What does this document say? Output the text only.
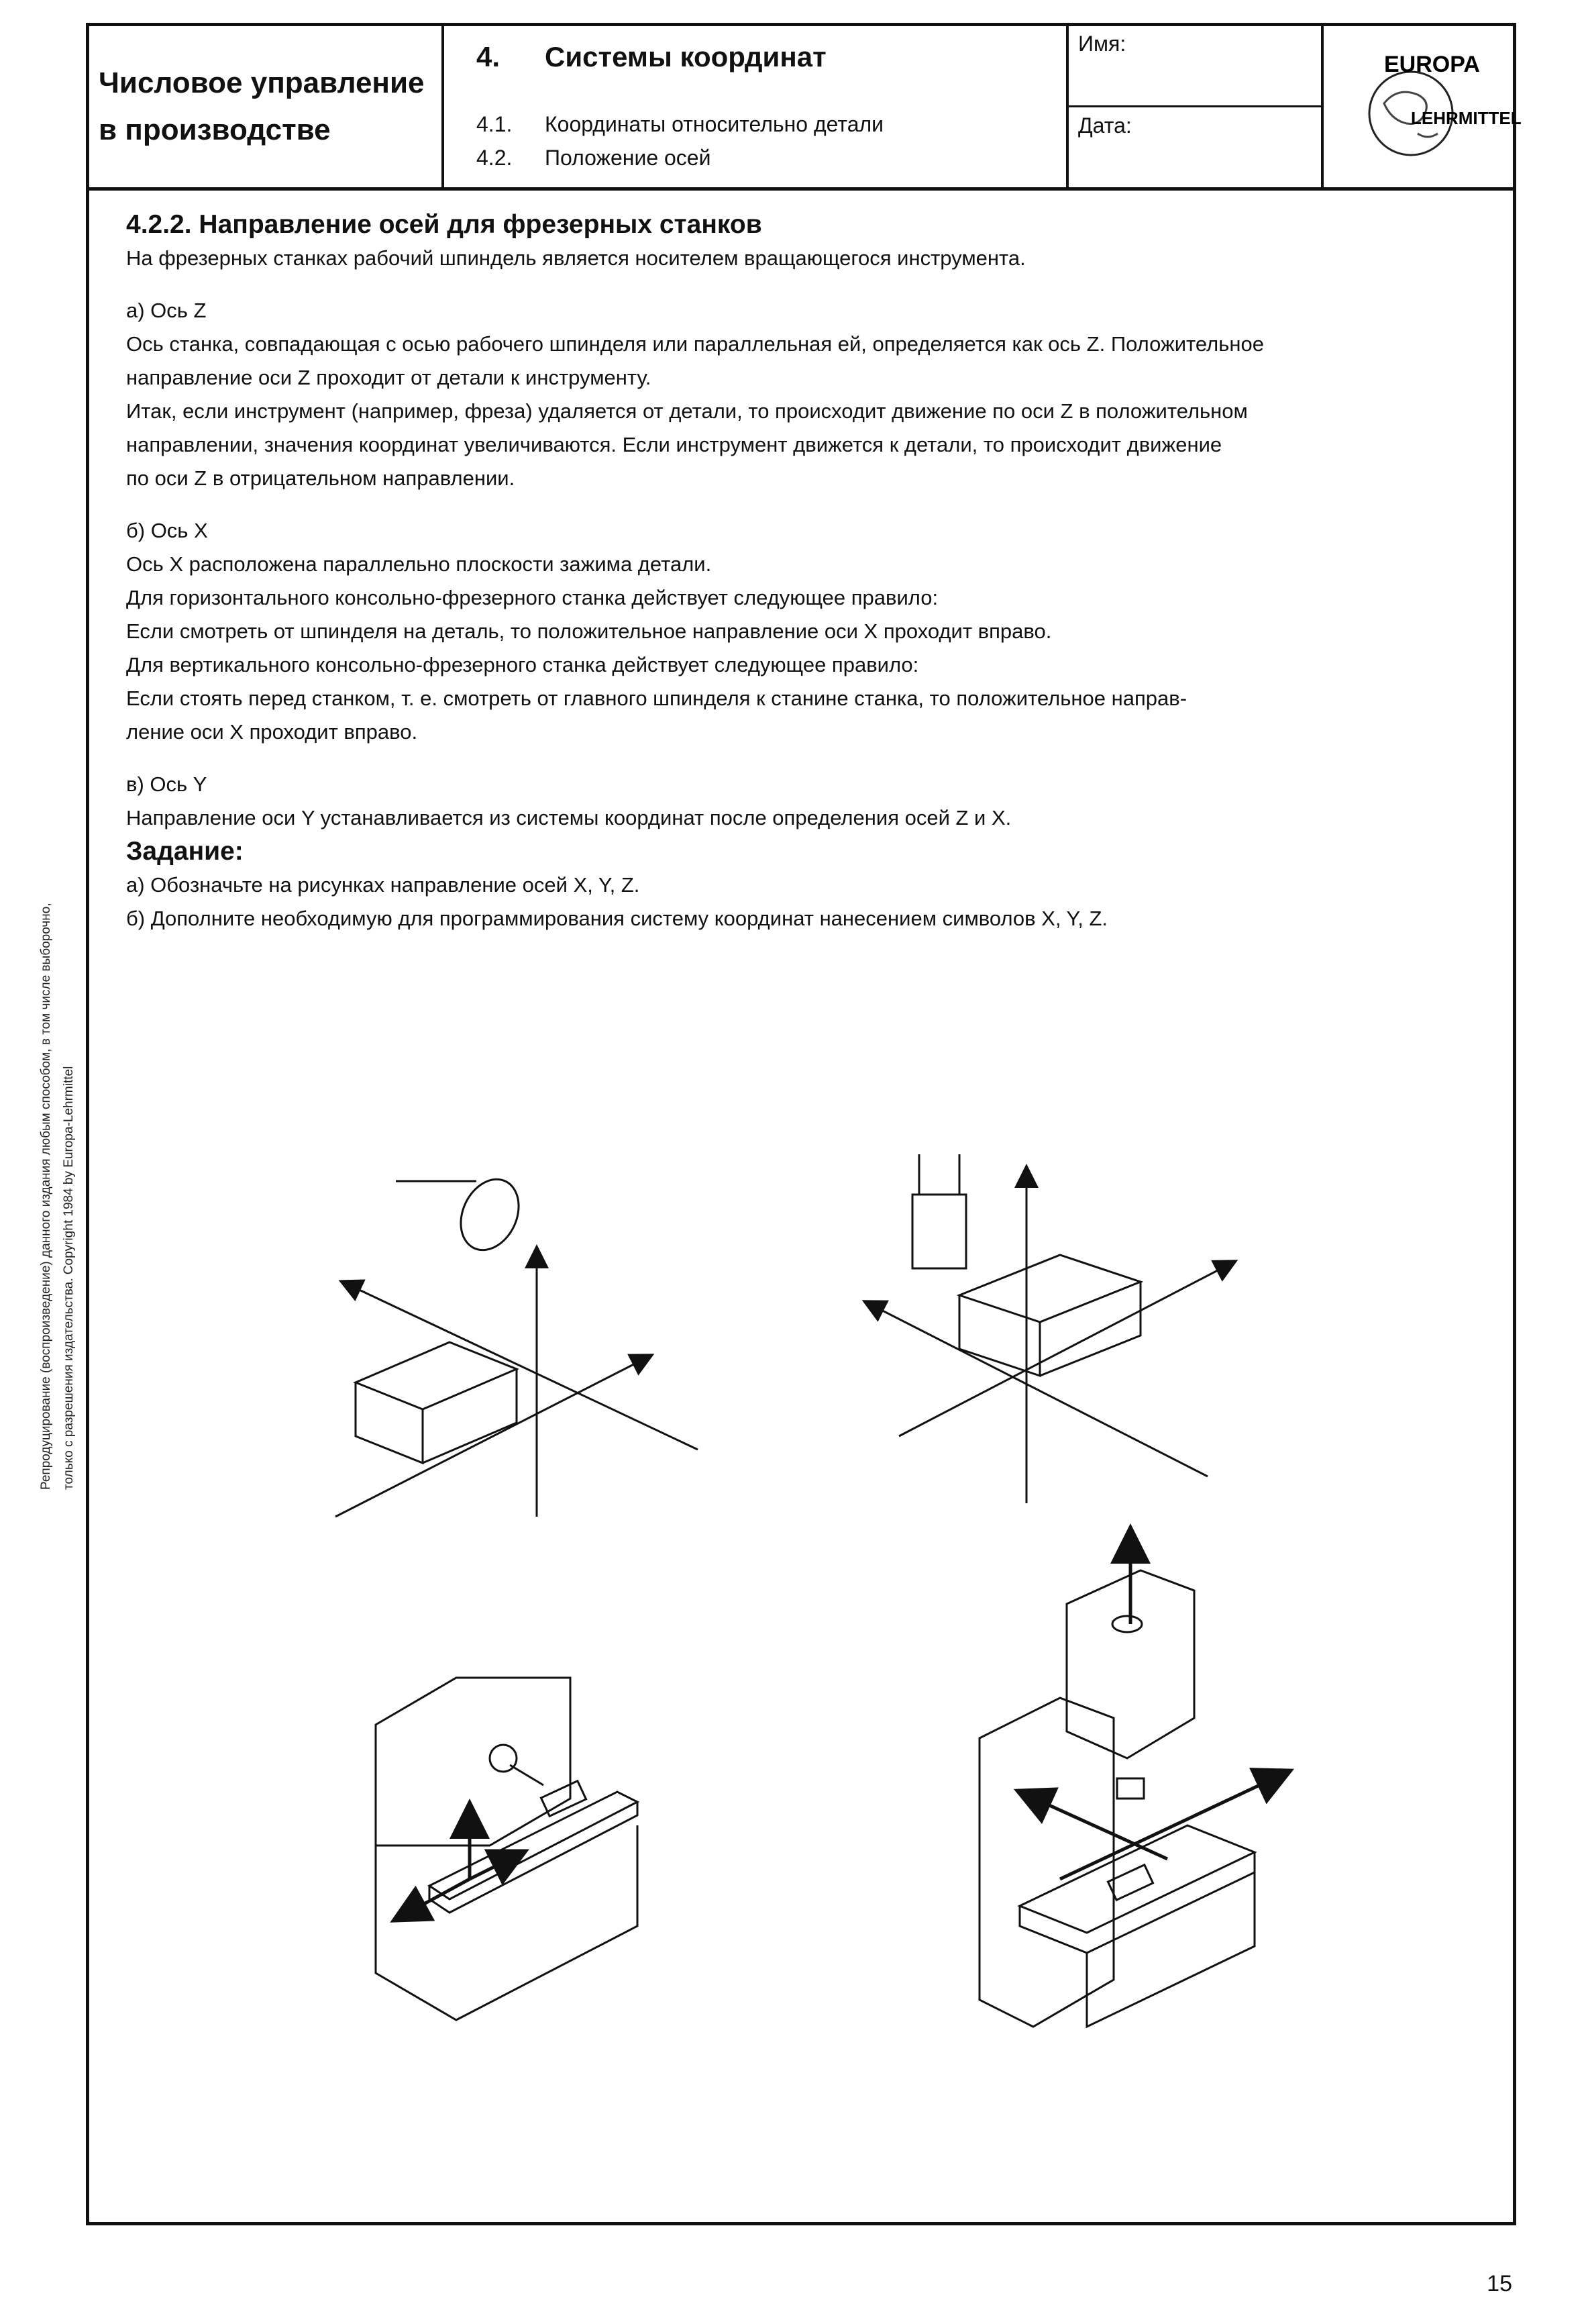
Числовое управление
в производстве
4. Системы координат
4.1. Координаты относительно детали
4.2. Положение осей
Имя:
Дата:
EUROPA
LEHRMITTEL

4.2.2. Направление осей для фрезерных станков

На фрезерных станках рабочий шпиндель является носителем вращающегося инструмента.

а) Ось Z

Ось станка, совпадающая с осью рабочего шпинделя или параллельная ей, определяется как ось Z. Положительное

направление оси Z проходит от детали к инструменту.

Итак, если инструмент (например, фреза) удаляется от детали, то происходит движение по оси Z в положительном

направлении, значения координат увеличиваются. Если инструмент движется к детали, то происходит движение

по оси Z в отрицательном направлении.

б) Ось X

Ось X расположена параллельно плоскости зажима детали.

Для горизонтального консольно-фрезерного станка действует следующее правило:

Если смотреть от шпинделя на деталь, то положительное направление оси X проходит вправо.

Для вертикального консольно-фрезерного станка действует следующее правило:

Если стоять перед станком, т. е. смотреть от главного шпинделя к станине станка, то положительное направ-

ление оси X проходит вправо.

в) Ось Y

Направление оси Y устанавливается из системы координат после определения осей Z и X.

Задание:

а) Обозначьте на рисунках направление осей X, Y, Z.

б) Дополните необходимую для программирования систему координат нанесением символов X, Y, Z.

Репродуцирование (воспроизведение) данного издания любым способом, в том числе выборочно, только с разрешения издательства. Copyright 1984 by Europa-Lehrmittel
15
